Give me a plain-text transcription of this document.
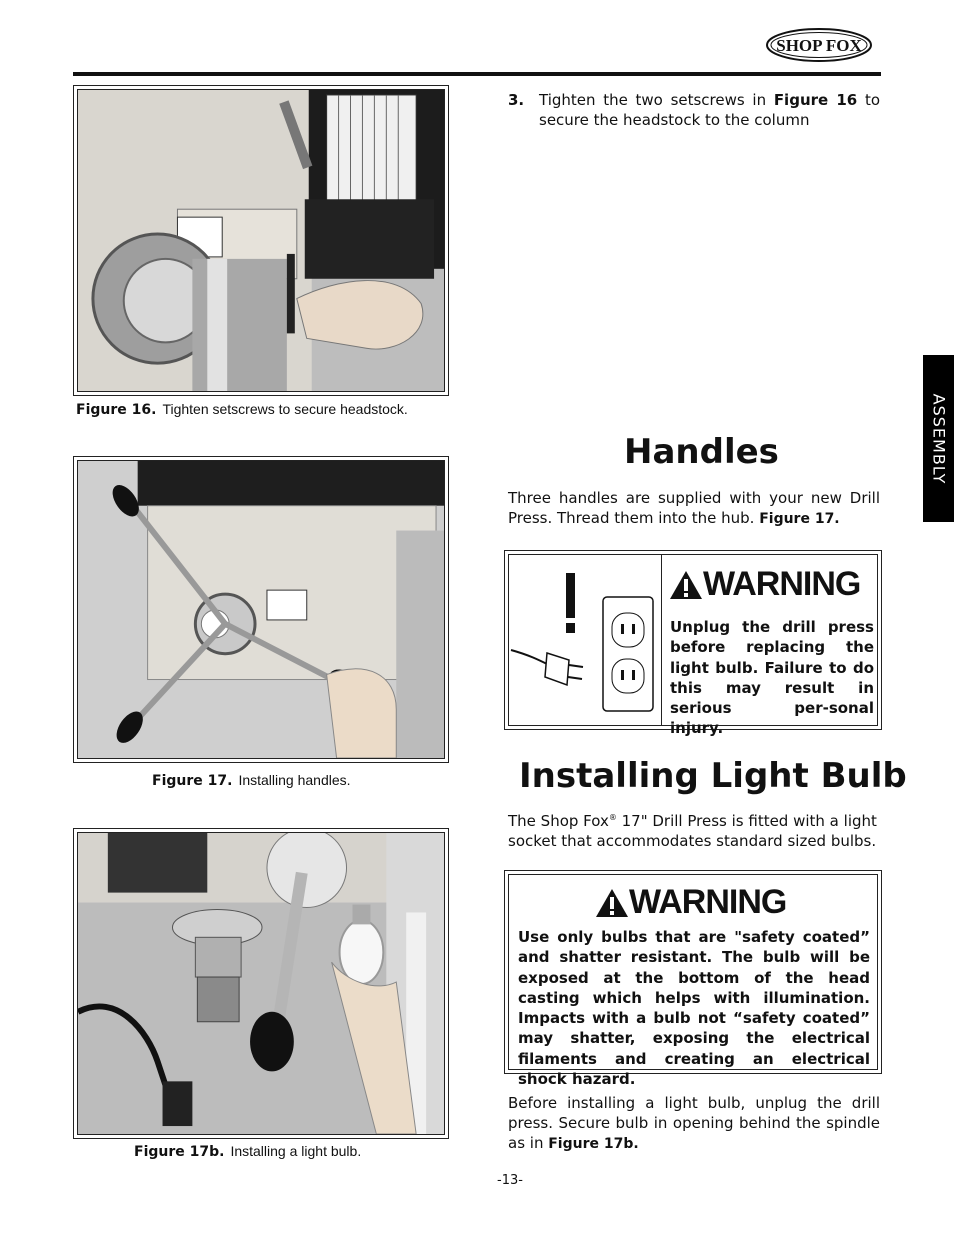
SHOP FOX
ASSEMBLY
Figure 16. Tighten setscrews to secure headstock.
Figure 17. Installing handles.
Figure 17b. Installing a light bulb.
3. Tighten the two setscrews in Figure 16 to secure the headstock to the column
Handles
Three handles are supplied with your new Drill Press. Thread them into the hub. Figure 17.
WARNING
Unplug the drill press before replacing the light bulb. Failure to do this may result in serious per-sonal injury.
Installing Light Bulb
The Shop Fox® 17" Drill Press is fitted with a light socket that accommodates standard sized bulbs.
WARNING
Use only bulbs that are "safety coated” and shatter resistant. The bulb will be exposed at the bottom of the head casting which helps with illumination. Impacts with a bulb not “safety coated” may shatter, exposing the electrical filaments and creating an electrical shock hazard.
Before installing a light bulb, unplug the drill press. Secure bulb in opening behind the spindle as in Figure 17b.
-13-
